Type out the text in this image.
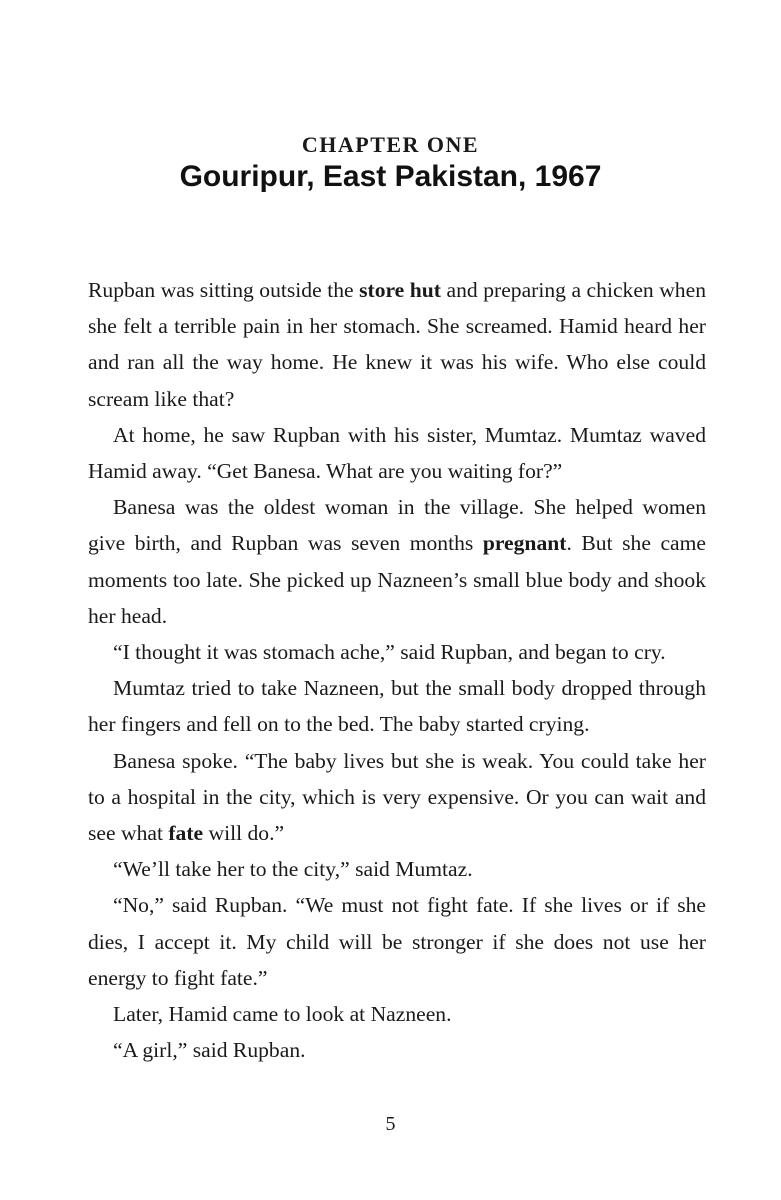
CHAPTER ONE
Gouripur, East Pakistan, 1967

Rupban was sitting outside the store hut and preparing a chicken when she felt a terrible pain in her stomach. She screamed. Hamid heard her and ran all the way home. He knew it was his wife. Who else could scream like that?

At home, he saw Rupban with his sister, Mumtaz. Mumtaz waved Hamid away. “Get Banesa. What are you waiting for?”

Banesa was the oldest woman in the village. She helped women give birth, and Rupban was seven months pregnant. But she came moments too late. She picked up Nazneen’s small blue body and shook her head.

“I thought it was stomach ache,” said Rupban, and began to cry.

Mumtaz tried to take Nazneen, but the small body dropped through her fingers and fell on to the bed. The baby started crying.

Banesa spoke. “The baby lives but she is weak. You could take her to a hospital in the city, which is very expensive. Or you can wait and see what fate will do.”

“We’ll take her to the city,” said Mumtaz.

“No,” said Rupban. “We must not fight fate. If she lives or if she dies, I accept it. My child will be stronger if she does not use her energy to fight fate.”

Later, Hamid came to look at Nazneen.

“A girl,” said Rupban.

5
